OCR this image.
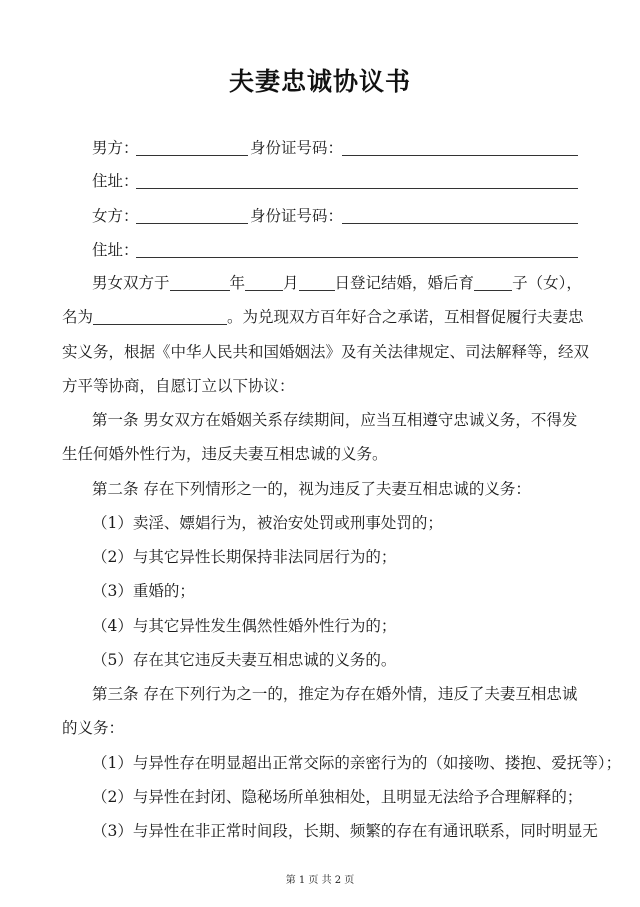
夫妻忠诚协议书
男方：	身份证号码：
住址：
女方：	身份证号码：
住址：
男女双方于	年 月 日登记结婚，婚后育 子（女），
名为	。为兑现双方百年好合之承诺，互相督促履行夫妻忠
实义务，根据《中华人民共和国婚姻法》及有关法律规定、司法解释等，经双
方平等协商，自愿订立以下协议：
第一条 男女双方在婚姻关系存续期间，应当互相遵守忠诚义务，不得发
生任何婚外性行为，违反夫妻互相忠诚的义务。
第二条 存在下列情形之一的，视为违反了夫妻互相忠诚的义务：
（1）卖淫、嫖娼行为，被治安处罚或刑事处罚的；
（2）与其它异性长期保持非法同居行为的；
（3）重婚的；
（4）与其它异性发生偶然性婚外性行为的；
（5）存在其它违反夫妻互相忠诚的义务的。
第三条 存在下列行为之一的，推定为存在婚外情，违反了夫妻互相忠诚
的义务：
（1）与异性存在明显超出正常交际的亲密行为的（如接吻、搂抱、爱抚等）；
（2）与异性在封闭、隐秘场所单独相处，且明显无法给予合理解释的；
（3）与异性在非正常时间段，长期、频繁的存在有通讯联系，同时明显无
第 1 页 共 2 页
